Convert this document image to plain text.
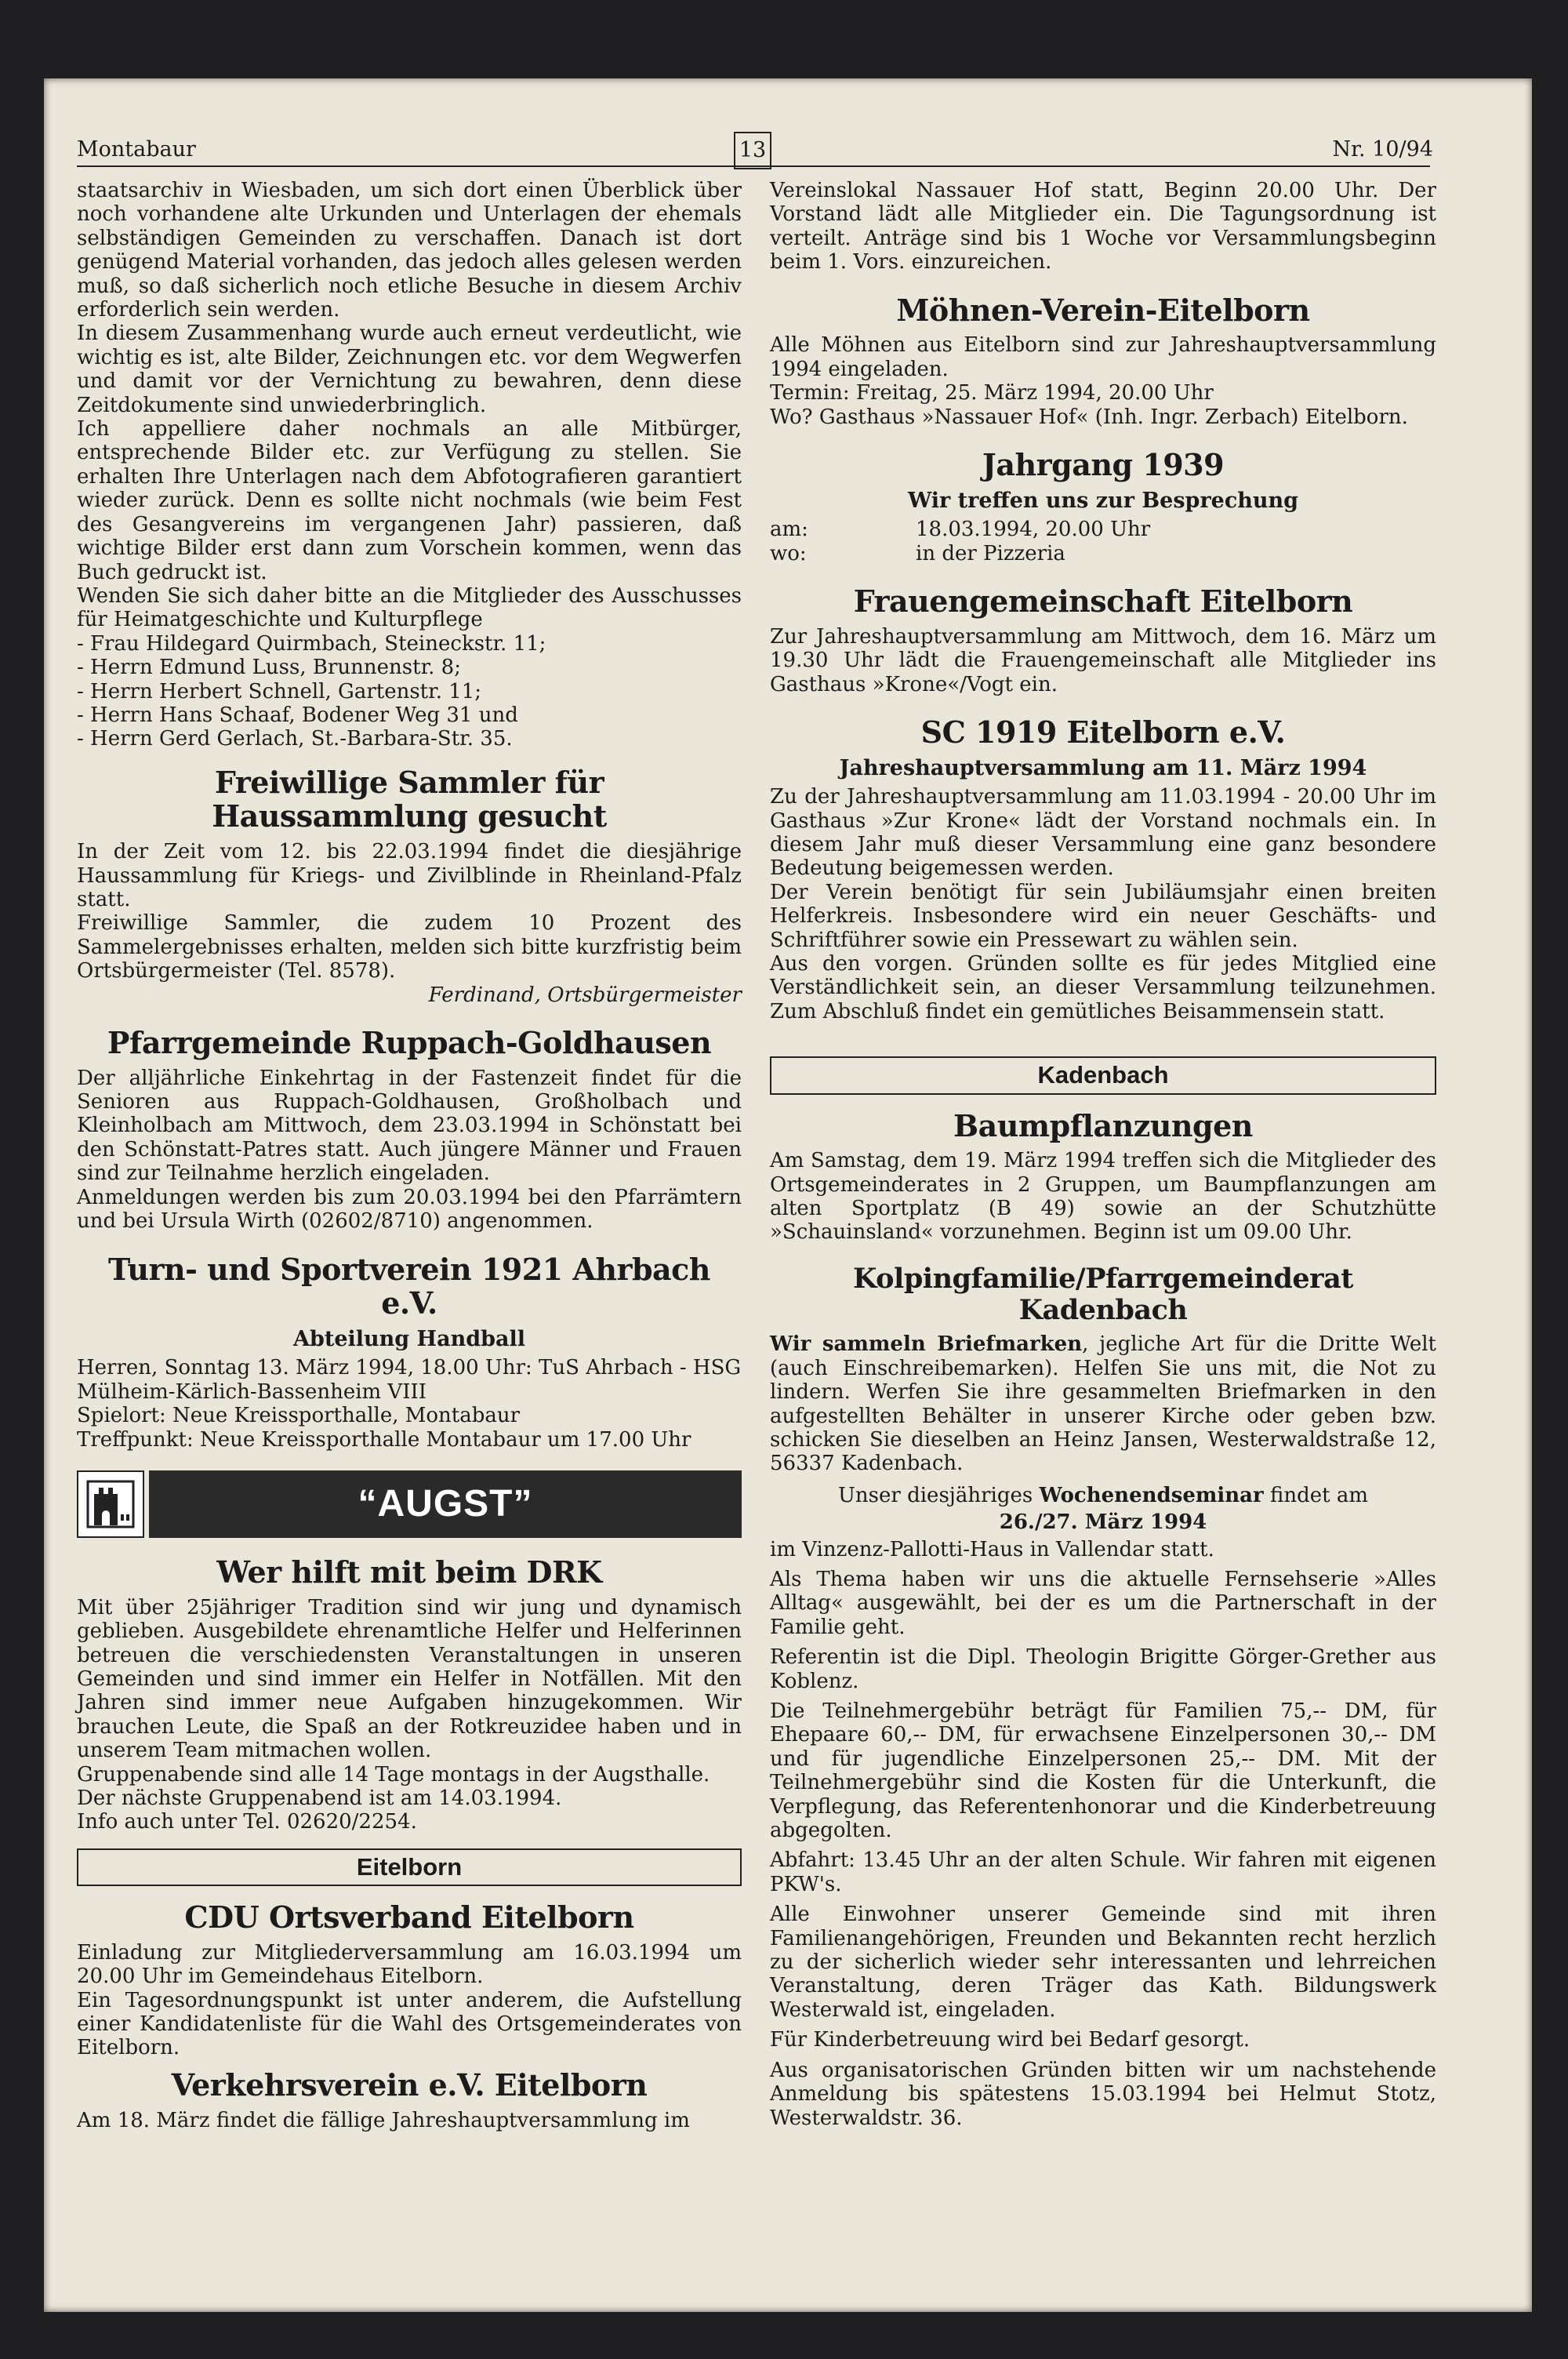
Montabaur	13	Nr. 10/94

staatsarchiv in Wiesbaden, um sich dort einen Überblick über noch vorhandene alte Urkunden und Unterlagen der ehemals selbständigen Gemeinden zu verschaffen. Danach ist dort genügend Material vorhanden, das jedoch alles gelesen werden muß, so daß sicherlich noch etliche Besuche in diesem Archiv erforderlich sein werden.

In diesem Zusammenhang wurde auch erneut verdeutlicht, wie wichtig es ist, alte Bilder, Zeichnungen etc. vor dem Wegwerfen und damit vor der Vernichtung zu bewahren, denn diese Zeitdokumente sind unwiederbringlich.

Ich appelliere daher nochmals an alle Mitbürger, entsprechende Bilder etc. zur Verfügung zu stellen. Sie erhalten Ihre Unterlagen nach dem Abfotografieren garantiert wieder zurück. Denn es sollte nicht nochmals (wie beim Fest des Gesangvereins im vergangenen Jahr) passieren, daß wichtige Bilder erst dann zum Vorschein kommen, wenn das Buch gedruckt ist.

Wenden Sie sich daher bitte an die Mitglieder des Ausschusses für Heimatgeschichte und Kulturpflege

- Frau Hildegard Quirmbach, Steineckstr. 11;

- Herrn Edmund Luss, Brunnenstr. 8;

- Herrn Herbert Schnell, Gartenstr. 11;

- Herrn Hans Schaaf, Bodener Weg 31 und

- Herrn Gerd Gerlach, St.-Barbara-Str. 35.

Freiwillige Sammler für Haussammlung gesucht

In der Zeit vom 12. bis 22.03.1994 findet die diesjährige Haussammlung für Kriegs- und Zivilblinde in Rheinland-Pfalz statt.

Freiwillige Sammler, die zudem 10 Prozent des Sammelergebnisses erhalten, melden sich bitte kurzfristig beim Ortsbürgermeister (Tel. 8578).

Ferdinand, Ortsbürgermeister

Pfarrgemeinde Ruppach-Goldhausen

Der alljährliche Einkehrtag in der Fastenzeit findet für die Senioren aus Ruppach-Goldhausen, Großholbach und Kleinholbach am Mittwoch, dem 23.03.1994 in Schönstatt bei den Schönstatt-Patres statt. Auch jüngere Männer und Frauen sind zur Teilnahme herzlich eingeladen.

Anmeldungen werden bis zum 20.03.1994 bei den Pfarrämtern und bei Ursula Wirth (02602/8710) angenommen.

Turn- und Sportverein 1921 Ahrbach e.V.
Abteilung Handball

Herren, Sonntag 13. März 1994, 18.00 Uhr: TuS Ahrbach - HSG Mülheim-Kärlich-Bassenheim VIII

Spielort: Neue Kreissporthalle, Montabaur

Treffpunkt: Neue Kreissporthalle Montabaur um 17.00 Uhr

“AUGST”
Wer hilft mit beim DRK

Mit über 25jähriger Tradition sind wir jung und dynamisch geblieben. Ausgebildete ehrenamtliche Helfer und Helferinnen betreuen die verschiedensten Veranstaltungen in unseren Gemeinden und sind immer ein Helfer in Notfällen. Mit den Jahren sind immer neue Aufgaben hinzugekommen. Wir brauchen Leute, die Spaß an der Rotkreuzidee haben und in unserem Team mitmachen wollen.

Gruppenabende sind alle 14 Tage montags in der Augsthalle. Der nächste Gruppenabend ist am 14.03.1994.

Info auch unter Tel. 02620/2254.

Eitelborn
CDU Ortsverband Eitelborn

Einladung zur Mitgliederversammlung am 16.03.1994 um 20.00 Uhr im Gemeindehaus Eitelborn.

Ein Tagesordnungspunkt ist unter anderem, die Aufstellung einer Kandidatenliste für die Wahl des Ortsgemeinderates von Eitelborn.

Verkehrsverein e.V. Eitelborn

Am 18. März findet die fällige Jahreshauptversammlung im

Vereinslokal Nassauer Hof statt, Beginn 20.00 Uhr. Der Vorstand lädt alle Mitglieder ein. Die Tagungsordnung ist verteilt. Anträge sind bis 1 Woche vor Versammlungsbeginn beim 1. Vors. einzureichen.

Möhnen-Verein-Eitelborn

Alle Möhnen aus Eitelborn sind zur Jahreshauptversammlung 1994 eingeladen.

Termin: Freitag, 25. März 1994, 20.00 Uhr

Wo? Gasthaus »Nassauer Hof« (Inh. Ingr. Zerbach) Eitelborn.

Jahrgang 1939
Wir treffen uns zur Besprechung
am:	18.03.1994, 20.00 Uhr
wo:	in der Pizzeria
Frauengemeinschaft Eitelborn

Zur Jahreshauptversammlung am Mittwoch, dem 16. März um 19.30 Uhr lädt die Frauengemeinschaft alle Mitglieder ins Gasthaus »Krone«/Vogt ein.

SC 1919 Eitelborn e.V.
Jahreshauptversammlung am 11. März 1994

Zu der Jahreshauptversammlung am 11.03.1994 - 20.00 Uhr im Gasthaus »Zur Krone« lädt der Vorstand nochmals ein. In diesem Jahr muß dieser Versammlung eine ganz besondere Bedeutung beigemessen werden.

Der Verein benötigt für sein Jubiläumsjahr einen breiten Helferkreis. Insbesondere wird ein neuer Geschäfts- und Schriftführer sowie ein Pressewart zu wählen sein.

Aus den vorgen. Gründen sollte es für jedes Mitglied eine Verständlichkeit sein, an dieser Versammlung teilzunehmen. Zum Abschluß findet ein gemütliches Beisammensein statt.

Kadenbach
Baumpflanzungen

Am Samstag, dem 19. März 1994 treffen sich die Mitglieder des Ortsgemeinderates in 2 Gruppen, um Baumpflanzungen am alten Sportplatz (B 49) sowie an der Schutzhütte »Schauinsland« vorzunehmen. Beginn ist um 09.00 Uhr.

Kolpingfamilie/Pfarrgemeinderat Kadenbach

Wir sammeln Briefmarken, jegliche Art für die Dritte Welt (auch Einschreibemarken). Helfen Sie uns mit, die Not zu lindern. Werfen Sie ihre gesammelten Briefmarken in den aufgestellten Behälter in unserer Kirche oder geben bzw. schicken Sie dieselben an Heinz Jansen, Westerwaldstraße 12, 56337 Kadenbach.

Unser diesjähriges Wochenendseminar findet am

26./27. März 1994

im Vinzenz-Pallotti-Haus in Vallendar statt.

Als Thema haben wir uns die aktuelle Fernsehserie »Alles Alltag« ausgewählt, bei der es um die Partnerschaft in der Familie geht.

Referentin ist die Dipl. Theologin Brigitte Görger-Grether aus Koblenz.

Die Teilnehmergebühr beträgt für Familien 75,-- DM, für Ehepaare 60,-- DM, für erwachsene Einzelpersonen 30,-- DM und für jugendliche Einzelpersonen 25,-- DM. Mit der Teilnehmergebühr sind die Kosten für die Unterkunft, die Verpflegung, das Referentenhonorar und die Kinderbetreuung abgegolten.

Abfahrt: 13.45 Uhr an der alten Schule. Wir fahren mit eigenen PKW's.

Alle Einwohner unserer Gemeinde sind mit ihren Familienangehörigen, Freunden und Bekannten recht herzlich zu der sicherlich wieder sehr interessanten und lehrreichen Veranstaltung, deren Träger das Kath. Bildungswerk Westerwald ist, eingeladen.

Für Kinderbetreuung wird bei Bedarf gesorgt.

Aus organisatorischen Gründen bitten wir um nachstehende Anmeldung bis spätestens 15.03.1994 bei Helmut Stotz, Westerwaldstr. 36.
